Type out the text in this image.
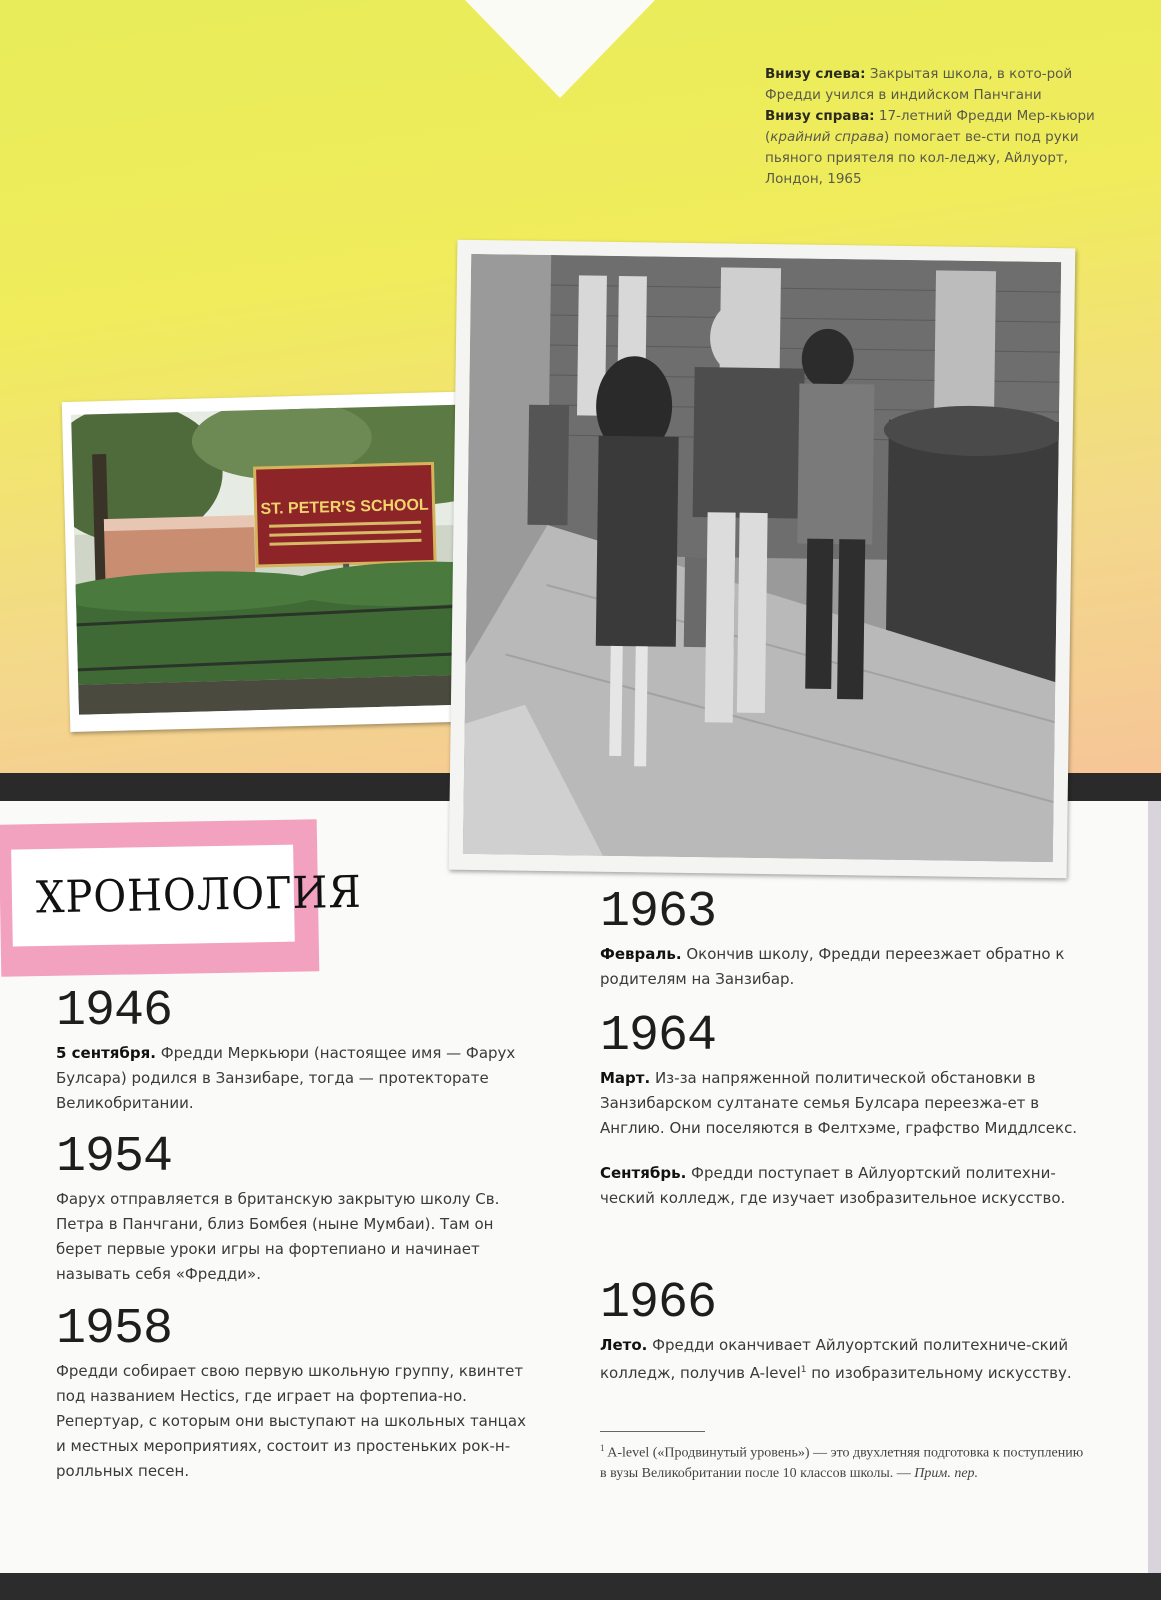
Внизу слева: Закрытая школа, в кото-рой Фредди учился в индийском Панчгани

Внизу справа: 17-летний Фредди Мер-кьюри (крайний справа) помогает ве-сти под руки пьяного приятеля по кол-леджу, Айлуорт, Лондон, 1965

ST. PETER'S SCHOOL
ХРОНОЛОГИЯ
1946

5 сентября. Фредди Меркьюри (настоящее имя — Фарух Булсара) родился в Занзибаре, тогда — протекторате Великобритании.

1954

Фарух отправляется в британскую закрытую школу Св. Петра в Панчгани, близ Бомбея (ныне Мумбаи). Там он берет первые уроки игры на фортепиано и начинает называть себя «Фредди».

1958

Фредди собирает свою первую школьную группу, квинтет под названием Hectics, где играет на фортепиа-но. Репертуар, с которым они выступают на школьных танцах и местных мероприятиях, состоит из простеньких рок-н-ролльных песен.

1963

Февраль. Окончив школу, Фредди переезжает обратно к родителям на Занзибар.

1964

Март. Из-за напряженной политической обстановки в Занзибарском султанате семья Булсара переезжа-ет в Англию. Они поселяются в Фелтхэме, графство Миддлсекс.

Сентябрь. Фредди поступает в Айлуортский политехни-ческий колледж, где изучает изобразительное искусство.

1966

Лето. Фредди оканчивает Айлуортский политехниче-ский колледж, получив A-level$^1$ по изобразительному искусству.

$^1$ A-level («Продвинутый уровень») — это двухлетняя подготовка к поступлению в вузы Великобритании после 10 классов школы. — Прим. пер.
